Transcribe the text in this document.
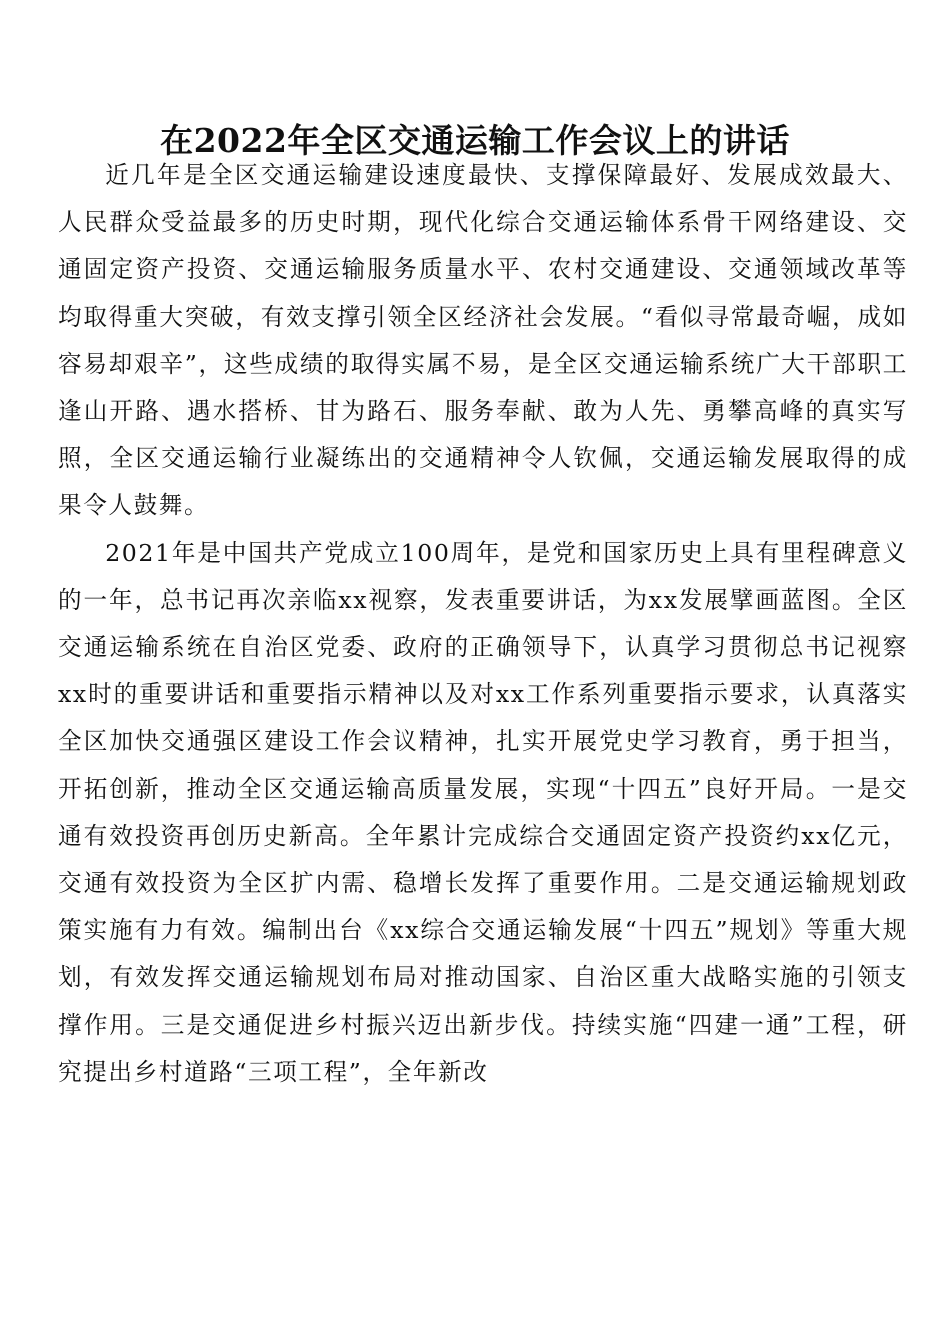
在2022年全区交通运输工作会议上的讲话

近几年是全区交通运输建设速度最快、支撑保障最好、发展成效最大、人民群众受益最多的历史时期，现代化综合交通运输体系骨干网络建设、交通固定资产投资、交通运输服务质量水平、农村交通建设、交通领域改革等均取得重大突破，有效支撑引领全区经济社会发展。“看似寻常最奇崛，成如容易却艰辛”，这些成绩的取得实属不易，是全区交通运输系统广大干部职工逢山开路、遇水搭桥、甘为路石、服务奉献、敢为人先、勇攀高峰的真实写照，全区交通运输行业凝练出的交通精神令人钦佩，交通运输发展取得的成果令人鼓舞。

2021年是中国共产党成立100周年，是党和国家历史上具有里程碑意义的一年，总书记再次亲临xx视察，发表重要讲话，为xx发展擘画蓝图。全区交通运输系统在自治区党委、政府的正确领导下，认真学习贯彻总书记视察xx时的重要讲话和重要指示精神以及对xx工作系列重要指示要求，认真落实全区加快交通强区建设工作会议精神，扎实开展党史学习教育，勇于担当，开拓创新，推动全区交通运输高质量发展，实现“十四五”良好开局。一是交通有效投资再创历史新高。全年累计完成综合交通固定资产投资约xx亿元，交通有效投资为全区扩内需、稳增长发挥了重要作用。二是交通运输规划政策实施有力有效。编制出台《xx综合交通运输发展“十四五”规划》等重大规划，有效发挥交通运输规划布局对推动国家、自治区重大战略实施的引领支撑作用。三是交通促进乡村振兴迈出新步伐。持续实施“四建一通”工程，研究提出乡村道路“三项工程”，全年新改
